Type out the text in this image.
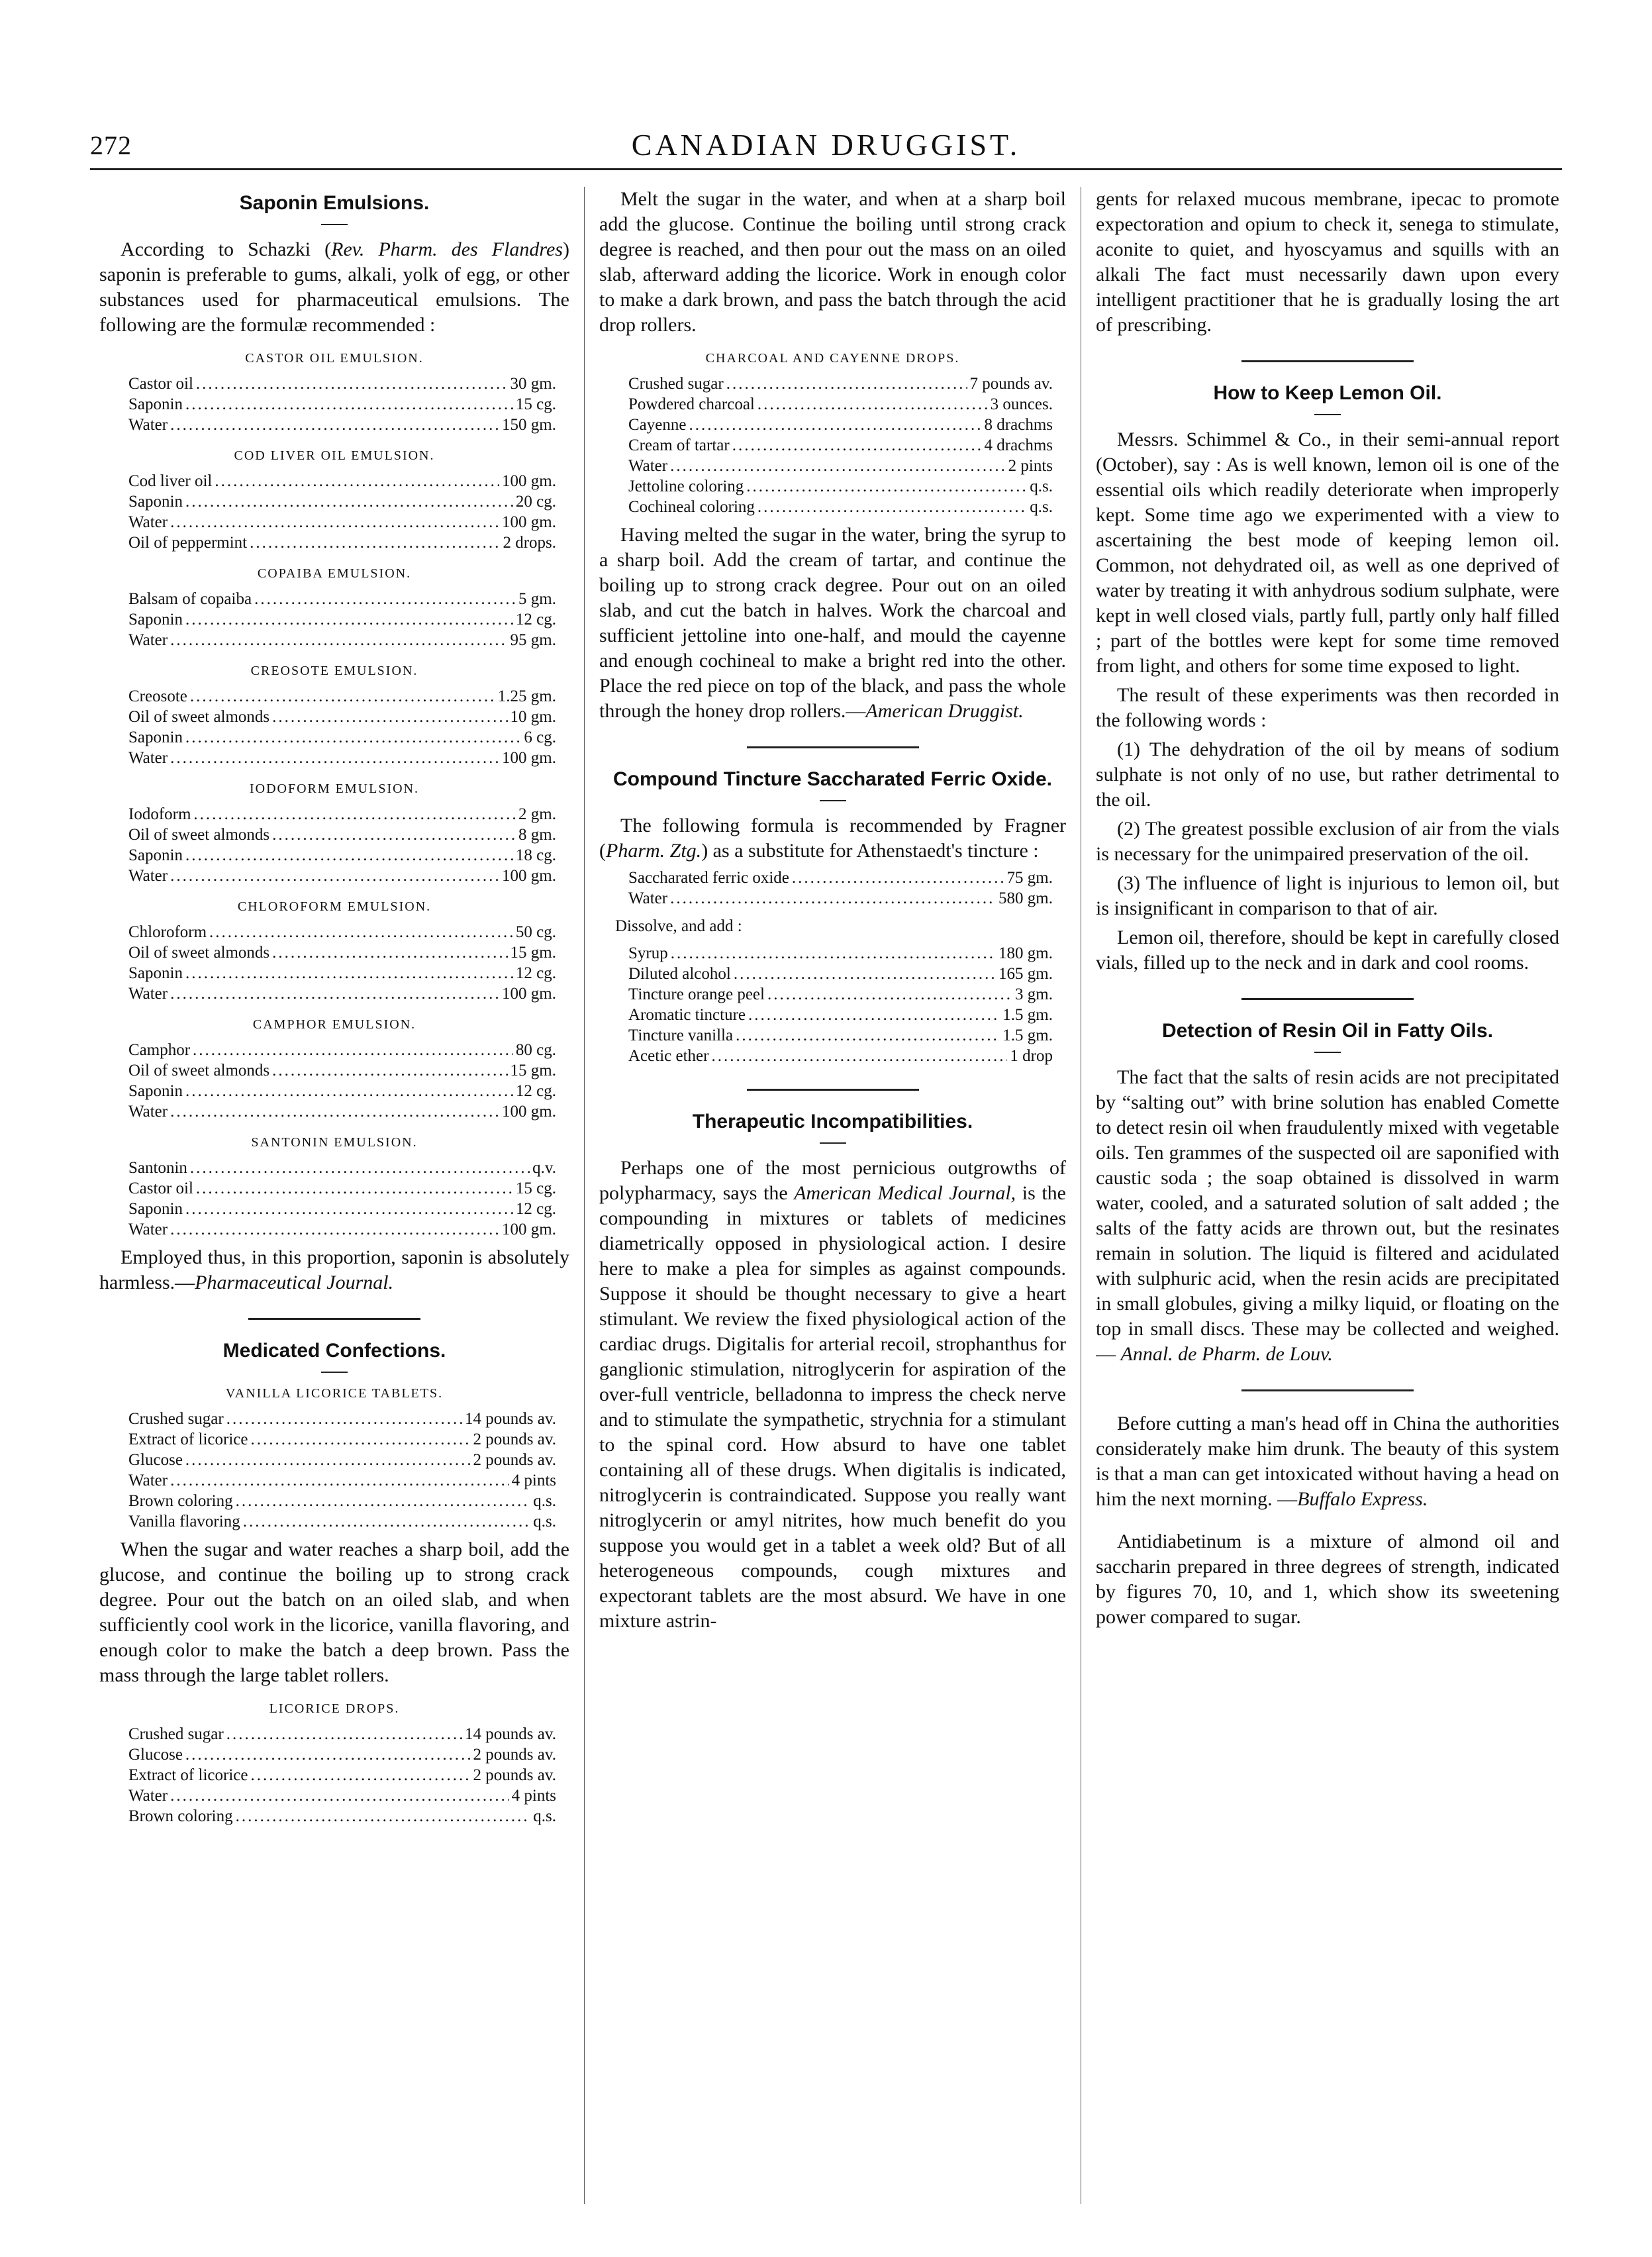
272	CANADIAN DRUGGIST.
Saponin Emulsions.

According to Schazki (Rev. Pharm. des Flandres) saponin is preferable to gums, alkali, yolk of egg, or other substances used for pharmaceutical emulsions. The following are the formulæ recommended :

CASTOR OIL EMULSION.
Castor oil .....	30 gm.
Saponin .....	15 cg.
Water .....	150 gm.
COD LIVER OIL EMULSION.
Cod liver oil .....	100 gm.
Saponin .....	20 cg.
Water .....	100 gm.
Oil of peppermint .....	2 drops.
COPAIBA EMULSION.
Balsam of copaiba .....	5 gm.
Saponin .....	12 cg.
Water .....	95 gm.
CREOSOTE EMULSION.
Creosote .....	1.25 gm.
Oil of sweet almonds .....	10 gm.
Saponin .....	6 cg.
Water .....	100 gm.
IODOFORM EMULSION.
Iodoform .....	2 gm.
Oil of sweet almonds .....	8 gm.
Saponin .....	18 cg.
Water .....	100 gm.
CHLOROFORM EMULSION.
Chloroform .....	50 cg.
Oil of sweet almonds .....	15 gm.
Saponin .....	12 cg.
Water .....	100 gm.
CAMPHOR EMULSION.
Camphor .....	80 cg.
Oil of sweet almonds .....	15 gm.
Saponin .....	12 cg.
Water .....	100 gm.
SANTONIN EMULSION.
Santonin .....	q.v.
Castor oil .....	15 cg.
Saponin .....	12 cg.
Water .....	100 gm.

Employed thus, in this proportion, saponin is absolutely harmless.—Pharmaceutical Journal.

Medicated Confections.
VANILLA LICORICE TABLETS.
Crushed sugar .....	14 pounds av.
Extract of licorice .....	2 pounds av.
Glucose .....	2 pounds av.
Water .....	4 pints
Brown coloring .....	q.s.
Vanilla flavoring .....	q.s.

When the sugar and water reaches a sharp boil, add the glucose, and continue the boiling up to strong crack degree. Pour out the batch on an oiled slab, and when sufficiently cool work in the licorice, vanilla flavoring, and enough color to make the batch a deep brown. Pass the mass through the large tablet rollers.

LICORICE DROPS.
Crushed sugar .....	14 pounds av.
Glucose .....	2 pounds av.
Extract of licorice .....	2 pounds av.
Water .....	4 pints
Brown coloring .....	q.s.

Melt the sugar in the water, and when at a sharp boil add the glucose. Continue the boiling until strong crack degree is reached, and then pour out the mass on an oiled slab, afterward adding the licorice. Work in enough color to make a dark brown, and pass the batch through the acid drop rollers.

CHARCOAL AND CAYENNE DROPS.
Crushed sugar .....	7 pounds av.
Powdered charcoal .....	3 ounces.
Cayenne .....	8 drachms
Cream of tartar .....	4 drachms
Water .....	2 pints
Jettoline coloring .....	q.s.
Cochineal coloring .....	q.s.

Having melted the sugar in the water, bring the syrup to a sharp boil. Add the cream of tartar, and continue the boiling up to strong crack degree. Pour out on an oiled slab, and cut the batch in halves. Work the charcoal and sufficient jettoline into one-half, and mould the cayenne and enough cochineal to make a bright red into the other. Place the red piece on top of the black, and pass the whole through the honey drop rollers.—American Druggist.

Compound Tincture Saccharated Ferric Oxide.

The following formula is recommended by Fragner (Pharm. Ztg.) as a substitute for Athenstaedt's tincture :

Saccharated ferric oxide .....	75 gm.
Water .....	580 gm.
Dissolve, and add :
Syrup .....	180 gm.
Diluted alcohol .....	165 gm.
Tincture orange peel .....	3 gm.
Aromatic tincture .....	1.5 gm.
Tincture vanilla .....	1.5 gm.
Acetic ether .....	1 drop
Therapeutic Incompatibilities.

Perhaps one of the most pernicious outgrowths of polypharmacy, says the American Medical Journal, is the compounding in mixtures or tablets of medicines diametrically opposed in physiological action. I desire here to make a plea for simples as against compounds. Suppose it should be thought necessary to give a heart stimulant. We review the fixed physiological action of the cardiac drugs. Digitalis for arterial recoil, strophanthus for ganglionic stimulation, nitroglycerin for aspiration of the over-full ventricle, belladonna to impress the check nerve and to stimulate the sympathetic, strychnia for a stimulant to the spinal cord. How absurd to have one tablet containing all of these drugs. When digitalis is indicated, nitroglycerin is contraindicated. Suppose you really want nitroglycerin or amyl nitrites, how much benefit do you suppose you would get in a tablet a week old? But of all heterogeneous compounds, cough mixtures and expectorant tablets are the most absurd. We have in one mixture astrin-

gents for relaxed mucous membrane, ipecac to promote expectoration and opium to check it, senega to stimulate, aconite to quiet, and hyoscyamus and squills with an alkali The fact must necessarily dawn upon every intelligent practitioner that he is gradually losing the art of prescribing.

How to Keep Lemon Oil.

Messrs. Schimmel & Co., in their semi-annual report (October), say : As is well known, lemon oil is one of the essential oils which readily deteriorate when improperly kept. Some time ago we experimented with a view to ascertaining the best mode of keeping lemon oil. Common, not dehydrated oil, as well as one deprived of water by treating it with anhydrous sodium sulphate, were kept in well closed vials, partly full, partly only half filled ; part of the bottles were kept for some time removed from light, and others for some time exposed to light.

The result of these experiments was then recorded in the following words :

(1) The dehydration of the oil by means of sodium sulphate is not only of no use, but rather detrimental to the oil.

(2) The greatest possible exclusion of air from the vials is necessary for the unimpaired preservation of the oil.

(3) The influence of light is injurious to lemon oil, but is insignificant in comparison to that of air.

Lemon oil, therefore, should be kept in carefully closed vials, filled up to the neck and in dark and cool rooms.

Detection of Resin Oil in Fatty Oils.

The fact that the salts of resin acids are not precipitated by “salting out” with brine solution has enabled Comette to detect resin oil when fraudulently mixed with vegetable oils. Ten grammes of the suspected oil are saponified with caustic soda ; the soap obtained is dissolved in warm water, cooled, and a saturated solution of salt added ; the salts of the fatty acids are thrown out, but the resinates remain in solution. The liquid is filtered and acidulated with sulphuric acid, when the resin acids are precipitated in small globules, giving a milky liquid, or floating on the top in small discs. These may be collected and weighed. — Annal. de Pharm. de Louv.

Before cutting a man's head off in China the authorities considerately make him drunk. The beauty of this system is that a man can get intoxicated without having a head on him the next morning. —Buffalo Express.

Antidiabetinum is a mixture of almond oil and saccharin prepared in three degrees of strength, indicated by figures 70, 10, and 1, which show its sweetening power compared to sugar.
